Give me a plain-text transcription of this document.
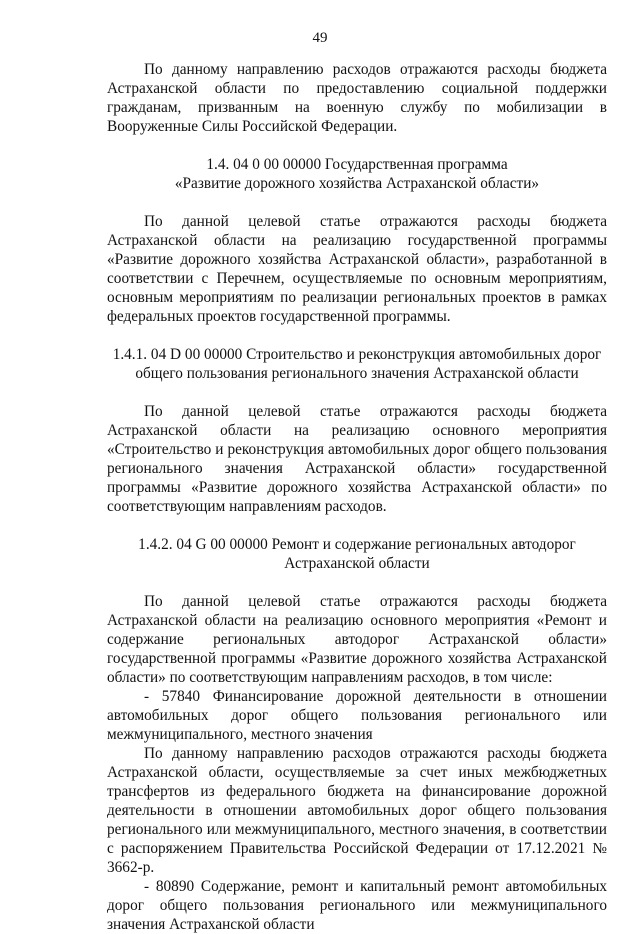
49

По данному направлению расходов отражаются расходы бюджета Астраханской области по предоставлению социальной поддержки гражданам, призванным на военную службу по мобилизации в Вооруженные Силы Российской Федерации.

1.4. 04 0 00 00000 Государственная программа

«Развитие дорожного хозяйства Астраханской области»

По данной целевой статье отражаются расходы бюджета Астраханской области на реализацию государственной программы «Развитие дорожного хозяйства Астраханской области», разработанной в соответствии с Перечнем, осуществляемые по основным мероприятиям, основным мероприятиям по реализации региональных проектов в рамках федеральных проектов государственной программы.

1.4.1. 04 D 00 00000 Строительство и реконструкция автомобильных дорог

общего пользования регионального значения Астраханской области

По данной целевой статье отражаются расходы бюджета Астраханской области на реализацию основного мероприятия «Строительство и реконструкция автомобильных дорог общего пользования регионального значения Астраханской области» государственной программы «Развитие дорожного хозяйства Астраханской области» по соответствующим направлениям расходов.

1.4.2. 04 G 00 00000 Ремонт и содержание региональных автодорог

Астраханской области

По данной целевой статье отражаются расходы бюджета Астраханской области на реализацию основного мероприятия «Ремонт и содержание региональных автодорог Астраханской области» государственной программы «Развитие дорожного хозяйства Астраханской области» по соответствующим направлениям расходов, в том числе:

- 57840 Финансирование дорожной деятельности в отношении автомобильных дорог общего пользования регионального или межмуниципального, местного значения

По данному направлению расходов отражаются расходы бюджета Астраханской области, осуществляемые за счет иных межбюджетных трансфертов из федерального бюджета на финансирование дорожной деятельности в отношении автомобильных дорог общего пользования регионального или межмуниципального, местного значения, в соответствии с распоряжением Правительства Российской Федерации от 17.12.2021 № 3662-р.

- 80890 Содержание, ремонт и капитальный ремонт автомобильных дорог общего пользования регионального или межмуниципального значения Астраханской области
